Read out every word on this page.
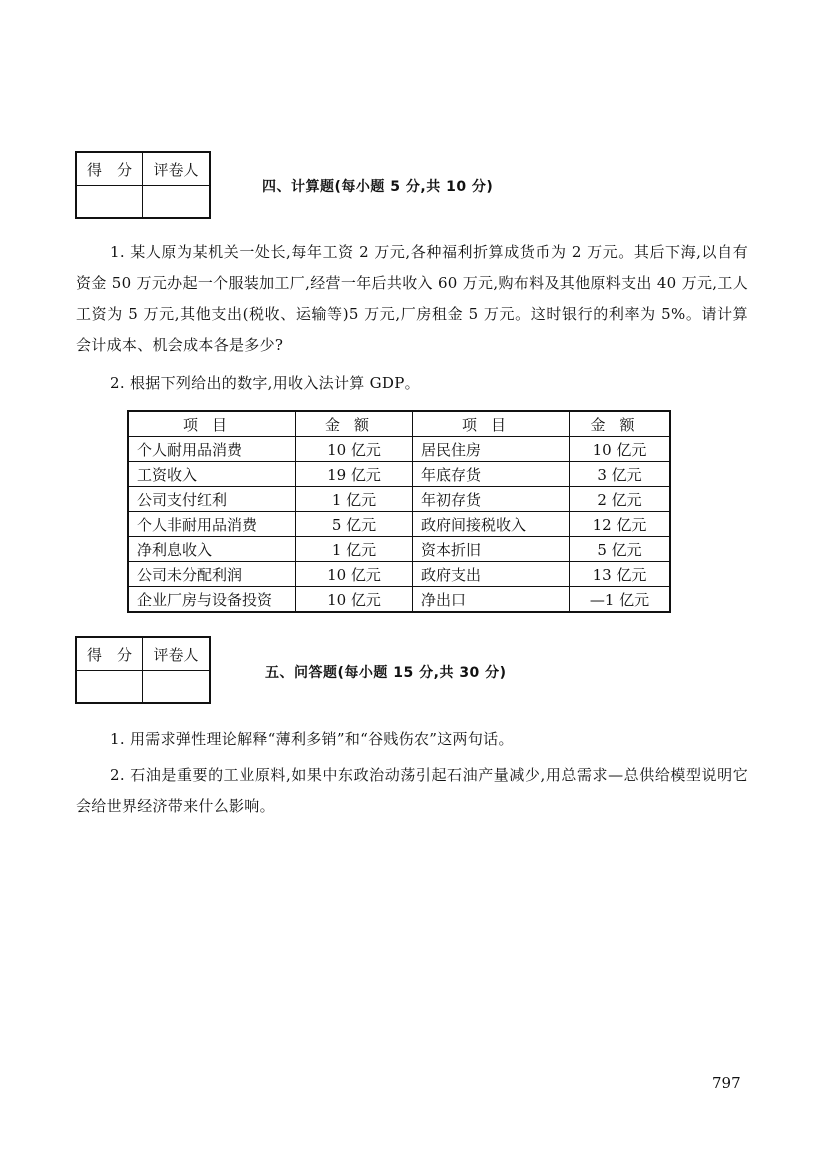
得　分	评卷人
四、计算题(每小题 5 分,共 10 分)

1. 某人原为某机关一处长,每年工资 2 万元,各种福利折算成货币为 2 万元。其后下海,以自有资金 50 万元办起一个服装加工厂,经营一年后共收入 60 万元,购布料及其他原料支出 40 万元,工人工资为 5 万元,其他支出(税收、运输等)5 万元,厂房租金 5 万元。这时银行的利率为 5%。请计算会计成本、机会成本各是多少?

2. 根据下列给出的数字,用收入法计算 GDP。

项目	金额	项目	金额
个人耐用品消费	10 亿元	居民住房	10 亿元
工资收入	19 亿元	年底存货	3 亿元
公司支付红利	1 亿元	年初存货	2 亿元
个人非耐用品消费	5 亿元	政府间接税收入	12 亿元
净利息收入	1 亿元	资本折旧	5 亿元
公司未分配利润	10 亿元	政府支出	13 亿元
企业厂房与设备投资	10 亿元	净出口	—1 亿元
得　分	评卷人
五、问答题(每小题 15 分,共 30 分)

1. 用需求弹性理论解释“薄利多销”和“谷贱伤农”这两句话。

2. 石油是重要的工业原料,如果中东政治动荡引起石油产量减少,用总需求—总供给模型说明它会给世界经济带来什么影响。

797
